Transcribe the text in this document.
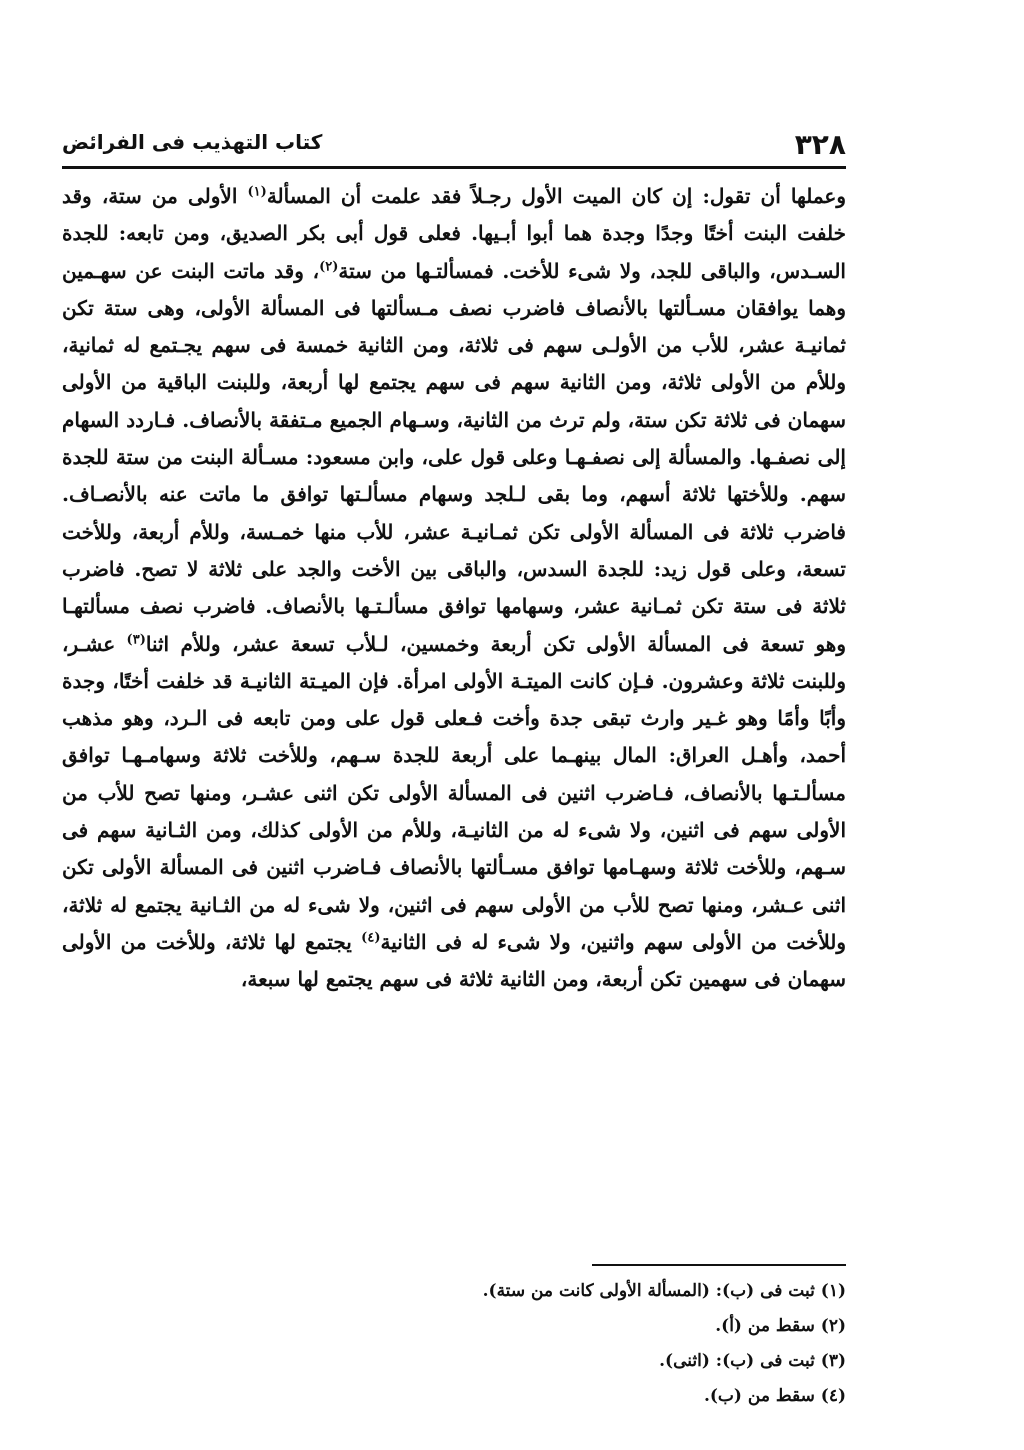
٣٢٨
كتاب التهذيب فى الفرائض

وعملها أن تقول: إن كان الميت الأول رجـلاً فقد علمت أن المسألة$^{(١)}$ الأولى من ستة، وقد خلفت البنت أختًا وجدًا وجدة هما أبوا أبـيها. فعلى قول أبى بكر الصديق، ومن تابعه: للجدة السـدس، والباقى للجد، ولا شىء للأخت. فمسألتـها من ستة$^{(٢)}$، وقد ماتت البنت عن سهـمين وهما يوافقان مسـألتها بالأنصاف فاضرب نصف مـسألتها فى المسألة الأولى، وهى ستة تكن ثمانيـة عشر، للأب من الأولـى سهم فى ثلاثة، ومن الثانية خمسة فى سهم يجـتمع له ثمانية، وللأم من الأولى ثلاثة، ومن الثانية سهم فى سهم يجتمع لها أربعة، وللبنت الباقية من الأولى سهمان فى ثلاثة تكن ستة، ولم ترث من الثانية، وسـهام الجميع مـتفقة بالأنصاف. فـاردد السهام إلى نصفـها. والمسألة إلى نصفـهـا وعلى قول على، وابن مسعود: مسـألة البنت من ستة للجدة سهم. وللأختها ثلاثة أسهم، وما بقى لـلجد وسهام مسألـتها توافق ما ماتت عنه بالأنصـاف. فاضرب ثلاثة فى المسألة الأولى تكن ثمـانيـة عشر، للأب منها خمـسة، وللأم أربعة، وللأخت تسعة، وعلى قول زيد: للجدة السدس، والباقى بين الأخت والجد على ثلاثة لا تصح. فاضرب ثلاثة فى ستة تكن ثمـانية عشر، وسهامها توافق مسألـتـها بالأنصاف. فاضرب نصف مسألتهـا وهو تسعة فى المسألة الأولى تكن أربعة وخمسين، لـلأب تسعة عشر، وللأم اثنا$^{(٣)}$ عشـر، وللبنت ثلاثة وعشرون. فـإن كانت الميتـة الأولى امرأة. فإن الميـتة الثانيـة قد خلفت أختًا، وجدة وأبًا وأمًا وهو غـير وارث تبقى جدة وأخت فـعلى قول على ومن تابعه فى الـرد، وهو مذهب أحمد، وأهـل العراق: المال بينهـما على أربعة للجدة سـهم، وللأخت ثلاثة وسهامـهـا توافق مسألـتـها بالأنصاف، فـاضرب اثنين فى المسألة الأولى تكن اثنى عشـر، ومنها تصح للأب من الأولى سهم فى اثنين، ولا شىء له من الثانيـة، وللأم من الأولى كذلك، ومن الثـانية سهم فى سـهم، وللأخت ثلاثة وسهـامها توافق مسـألتها بالأنصاف فـاضرب اثنين فى المسألة الأولى تكن اثنى عـشر، ومنها تصح للأب من الأولى سهم فى اثنين، ولا شىء له من الثـانية يجتمع له ثلاثة، وللأخت من الأولى سهم واثنين، ولا شىء له فى الثانية$^{(٤)}$ يجتمع لها ثلاثة، وللأخت من الأولى سهمان فى سهمين تكن أربعة، ومن الثانية ثلاثة فى سهم يجتمع لها سبعة،

(١) ثبت فى (ب): (المسألة الأولى كانت من ستة).
(٢) سقط من (أ).
(٣) ثبت فى (ب): (اثنى).
(٤) سقط من (ب).
